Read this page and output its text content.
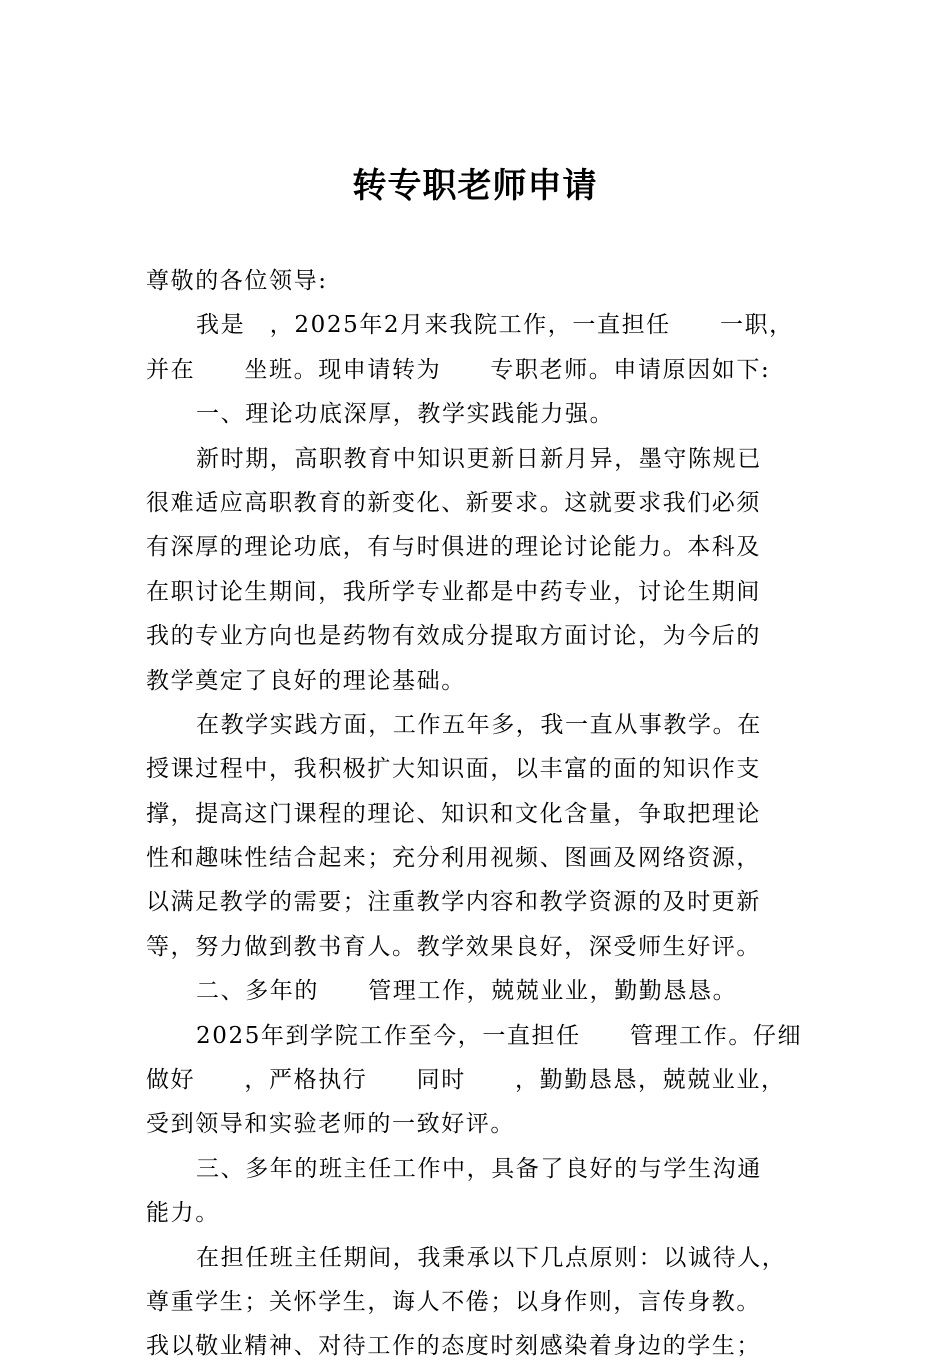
转专职老师申请
尊敬的各位领导:
我是　，2025年2月来我院工作，一直担任　　一职，
并在　　坐班。现申请转为　　专职老师。申请原因如下:
一、理论功底深厚，教学实践能力强。
新时期，高职教育中知识更新日新月异，墨守陈规已
很难适应高职教育的新变化、新要求。这就要求我们必须
有深厚的理论功底，有与时俱进的理论讨论能力。本科及
在职讨论生期间，我所学专业都是中药专业，讨论生期间
我的专业方向也是药物有效成分提取方面讨论，为今后的
教学奠定了良好的理论基础。
在教学实践方面，工作五年多，我一直从事教学。在
授课过程中，我积极扩大知识面，以丰富的面的知识作支
撑，提高这门课程的理论、知识和文化含量，争取把理论
性和趣味性结合起来；充分利用视频、图画及网络资源，
以满足教学的需要；注重教学内容和教学资源的及时更新
等，努力做到教书育人。教学效果良好，深受师生好评。
二、多年的　　管理工作，兢兢业业，勤勤恳恳。
2025年到学院工作至今，一直担任　　管理工作。仔细
做好　　，严格执行　　同时　　，勤勤恳恳，兢兢业业，
受到领导和实验老师的一致好评。
三、多年的班主任工作中，具备了良好的与学生沟通
能力。
在担任班主任期间，我秉承以下几点原则：以诚待人，
尊重学生；关怀学生，诲人不倦；以身作则，言传身教。
我以敬业精神、对待工作的态度时刻感染着身边的学生；
